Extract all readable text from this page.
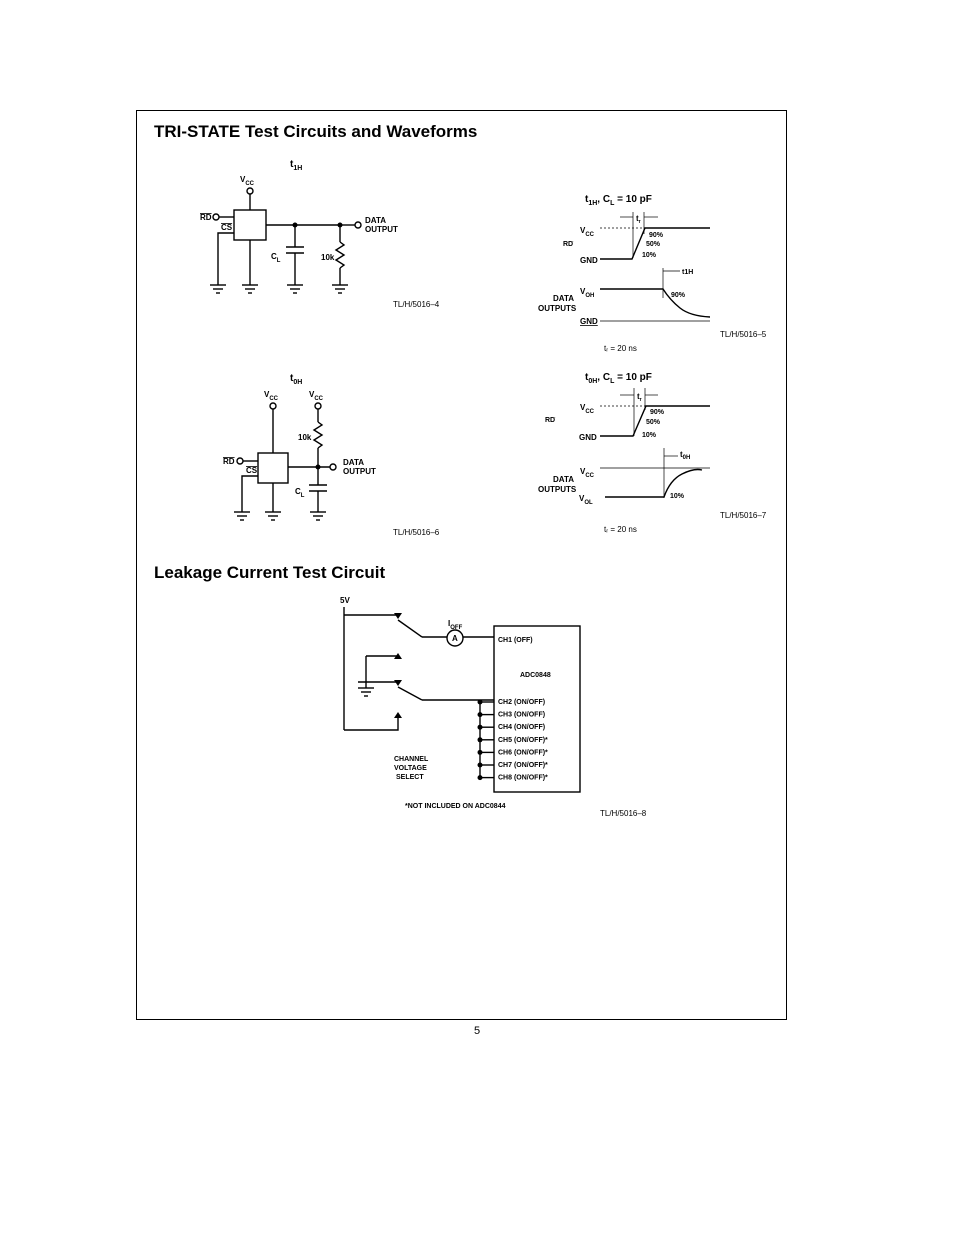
TRI-STATE Test Circuits and Waveforms
$t_{1H}$
$V_{CC}$
RD
CS
DATA
OUTPUT
$C_L$	10k
TL/H/5016–4
$t_{1H}$, $C_L = 10$ pF
$t_r$
$V_{CC}$
RD
GND
90%
50%
10%
t1H
DATA
OUTPUTS
$V_{OH}$	90%
GND
TL/H/5016–5
tᵣ = 20 ns
$t_{0H}$
$V_{CC}$	$V_{CC}$
10k
RD
CS
DATA
OUTPUT
$C_L$
TL/H/5016–6
$t_{0H}$, $C_L = 10$ pF
$t_r$
$V_{CC}$
RD
GND
90%
50%
10%
$t_{0H}$
$V_{CC}$
DATA
OUTPUTS
$V_{OL}$
10%
TL/H/5016–7
tᵣ = 20 ns
Leakage Current Test Circuit
5V
CHANNEL
VOLTAGE
SELECT
A
$I_{OFF}$
ADC0848
CH1 (OFF)
CH2 (ON/OFF)
CH3 (ON/OFF)
CH4 (ON/OFF)
CH5 (ON/OFF)*
CH6 (ON/OFF)*
CH7 (ON/OFF)*
CH8 (ON/OFF)*
*NOT INCLUDED ON ADC0844
TL/H/5016–8
5
